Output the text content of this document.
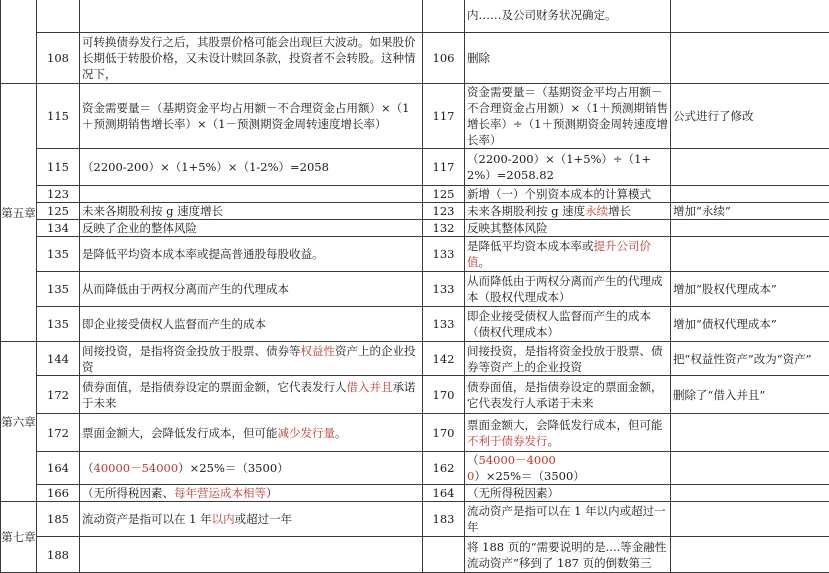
				内……及公司财务状况确定。	
	108	可转换债券发行之后，其股票价格可能会出现巨大波动。如果股价长期低于转股价格，又未设计赎回条款，投资者不会转股。这种情况下，	106	删除	
第五章	115	资金需要量＝（基期资金平均占用额－不合理资金占用额）×（1＋预测期销售增长率）×（1－预测期资金周转速度增长率）	117	资金需要量＝（基期资金平均占用额－不合理资金占用额）×（1＋预测期销售增长率）÷（1＋预测期资金周转速度增长率）	公式进行了修改
	115	（2200-200）×（1+5%）×（1-2%）=2058	117	（2200-200）×（1+5%）÷（1+2%）=2058.82	
	123		125	新增（一）个别资本成本的计算模式	
	125	未来各期股利按 g 速度增长	123	未来各期股利按 g 速度永续增长	增加“永续”
	134	反映了企业的整体风险	132	反映其整体风险	
	135	是降低平均资本成本率或提高普通股每股收益。	133	是降低平均资本成本率或提升公司价值。	
	135	从而降低由于两权分离而产生的代理成本	133	从而降低由于两权分离而产生的代理成本（股权代理成本）	增加“股权代理成本”
	135	即企业接受债权人监督而产生的成本	133	即企业接受债权人监督而产生的成本（债权代理成本）	增加“债权代理成本”
第六章	144	间接投资，是指将资金投放于股票、债券等权益性资产上的企业投资	142	间接投资，是指将资金投放于股票、债券等资产上的企业投资	把“权益性资产”改为“资产”
	172	债券面值，是指债券设定的票面金额，它代表发行人借入并且承诺于未来	170	债券面值，是指债券设定的票面金额，它代表发行人承诺于未来	删除了“借入并且”
	172	票面金额大，会降低发行成本，但可能减少发行量。	170	票面金额大，会降低发行成本，但可能不利于债券发行。	
	164	（40000－54000）×25%＝（3500）	162	（54000－40000）×25%＝（3500）	
	166	（无所得税因素、每年营运成本相等）	164	（无所得税因素）	
第七章	185	流动资产是指可以在 1 年以内或超过一年	183	流动资产是指可以在 1 年以内或超过一年	
	188			将 188 页的“需要说明的是....等金融性流动资产”移到了 187 页的倒数第三	
